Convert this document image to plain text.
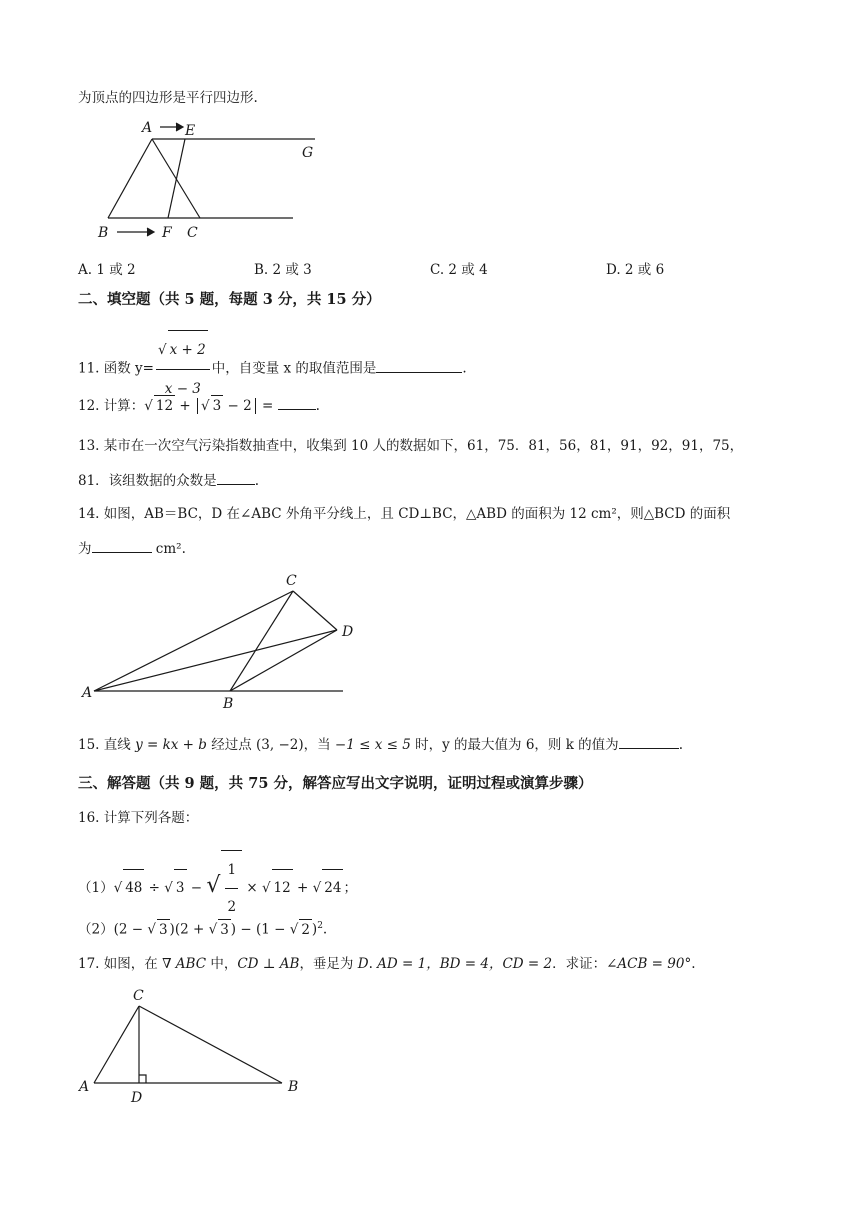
为顶点的四边形是平行四边形.
A E
G
B	F C
A. 1 或 2	B. 2 或 3	C. 2 或 4	D. 2 或 6
二、填空题（共 5 题，每题 3 分，共 15 分）
11. 函数 $y= \frac{√ x + 2}{x - 3}$ 中，自变量 x 的取值范围是	.
12. 计算：√ 12 + √ 3 − 2 =	.
13. 某市在一次空气污染指数抽查中，收集到 10 人的数据如下，61，75．81，56，81，91，92，91，75，
81．该组数据的众数是	.
14. 如图，AB＝BC，D 在∠ABC 外角平分线上，且 CD⊥BC，△ABD 的面积为 12 cm²，则△BCD 的面积
为	cm².
C
D
A
B
15. 直线 y = kx + b 经过点 (3, −2)，当 −1 ≤ x ≤ 5 时，y 的最大值为 6，则 k 的值为	.
三、解答题（共 9 题，共 75 分，解答应写出文字说明，证明过程或演算步骤）
16. 计算下列各题：
（1）√ 48 ÷ √ 3 − √ $\frac{1}{2}$ × √ 12 + √ 24 ；
（2）(2 − √ 3 )(2 + √ 3 ) − (1 − √ 2 )$^2$.
17. 如图，在 ∇ ABC 中，CD ⊥ AB，垂足为 D. AD = 1，BD = 4，CD = 2．求证：∠ACB = 90°.
C
A
D
B
